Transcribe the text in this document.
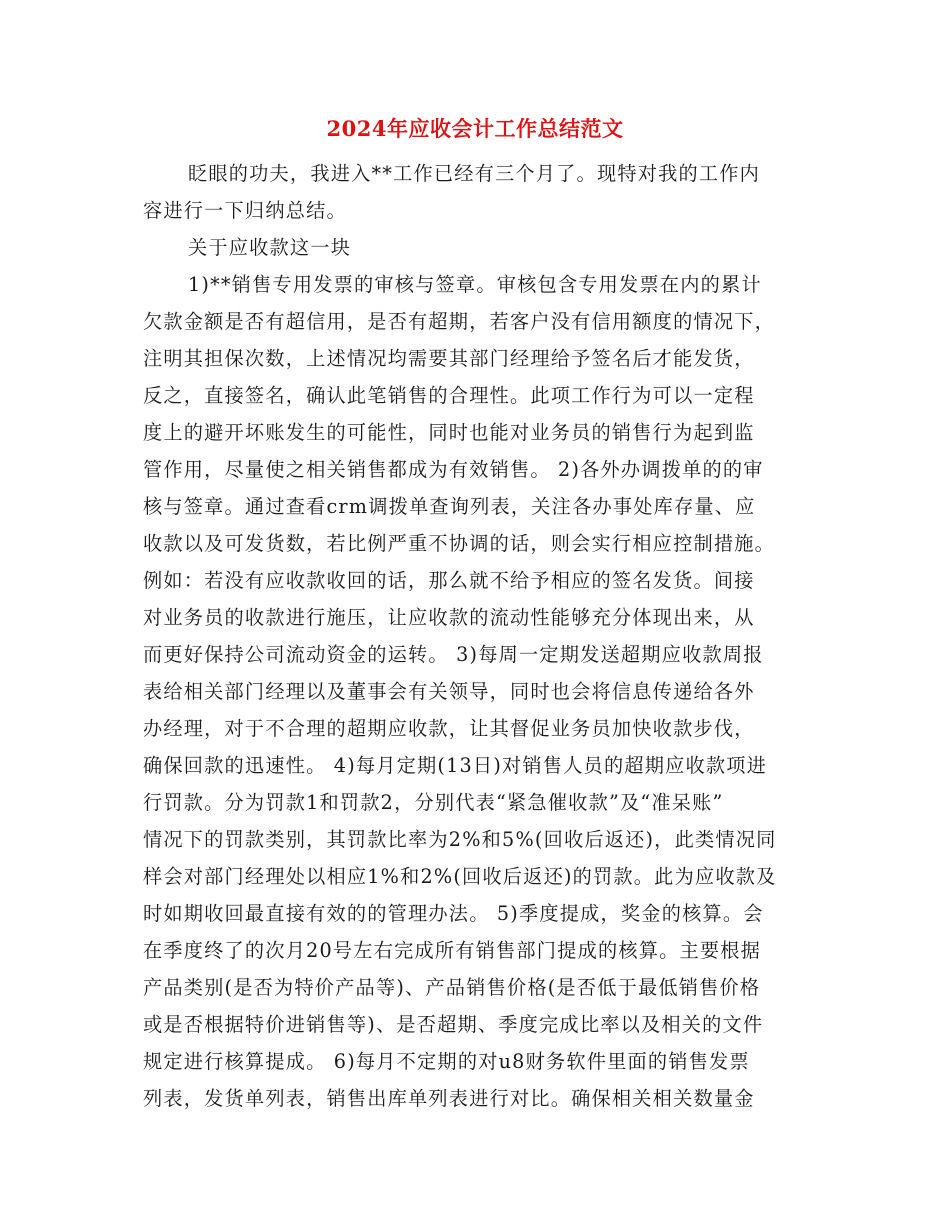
2024年应收会计工作总结范文
眨眼的功夫，我进入**工作已经有三个月了。现特对我的工作内
容进行一下归纳总结。
关于应收款这一块
1)**销售专用发票的审核与签章。审核包含专用发票在内的累计
欠款金额是否有超信用，是否有超期，若客户没有信用额度的情况下，
注明其担保次数，上述情况均需要其部门经理给予签名后才能发货，
反之，直接签名，确认此笔销售的合理性。此项工作行为可以一定程
度上的避开坏账发生的可能性，同时也能对业务员的销售行为起到监
管作用，尽量使之相关销售都成为有效销售。 2)各外办调拨单的的审
核与签章。通过查看crm调拨单查询列表，关注各办事处库存量、应
收款以及可发货数，若比例严重不协调的话，则会实行相应控制措施。
例如：若没有应收款收回的话，那么就不给予相应的签名发货。间接
对业务员的收款进行施压，让应收款的流动性能够充分体现出来，从
而更好保持公司流动资金的运转。 3)每周一定期发送超期应收款周报
表给相关部门经理以及董事会有关领导，同时也会将信息传递给各外
办经理，对于不合理的超期应收款，让其督促业务员加快收款步伐，
确保回款的迅速性。 4)每月定期(13日)对销售人员的超期应收款项进
行罚款。分为罚款1和罚款2，分别代表“紧急催收款”及“准呆账”
情况下的罚款类别，其罚款比率为2%和5%(回收后返还)，此类情况同
样会对部门经理处以相应1%和2%(回收后返还)的罚款。此为应收款及
时如期收回最直接有效的的管理办法。 5)季度提成，奖金的核算。会
在季度终了的次月20号左右完成所有销售部门提成的核算。主要根据
产品类别(是否为特价产品等)、产品销售价格(是否低于最低销售价格
或是否根据特价进销售等)、是否超期、季度完成比率以及相关的文件
规定进行核算提成。 6)每月不定期的对u8财务软件里面的销售发票
列表，发货单列表，销售出库单列表进行对比。确保相关相关数量金
